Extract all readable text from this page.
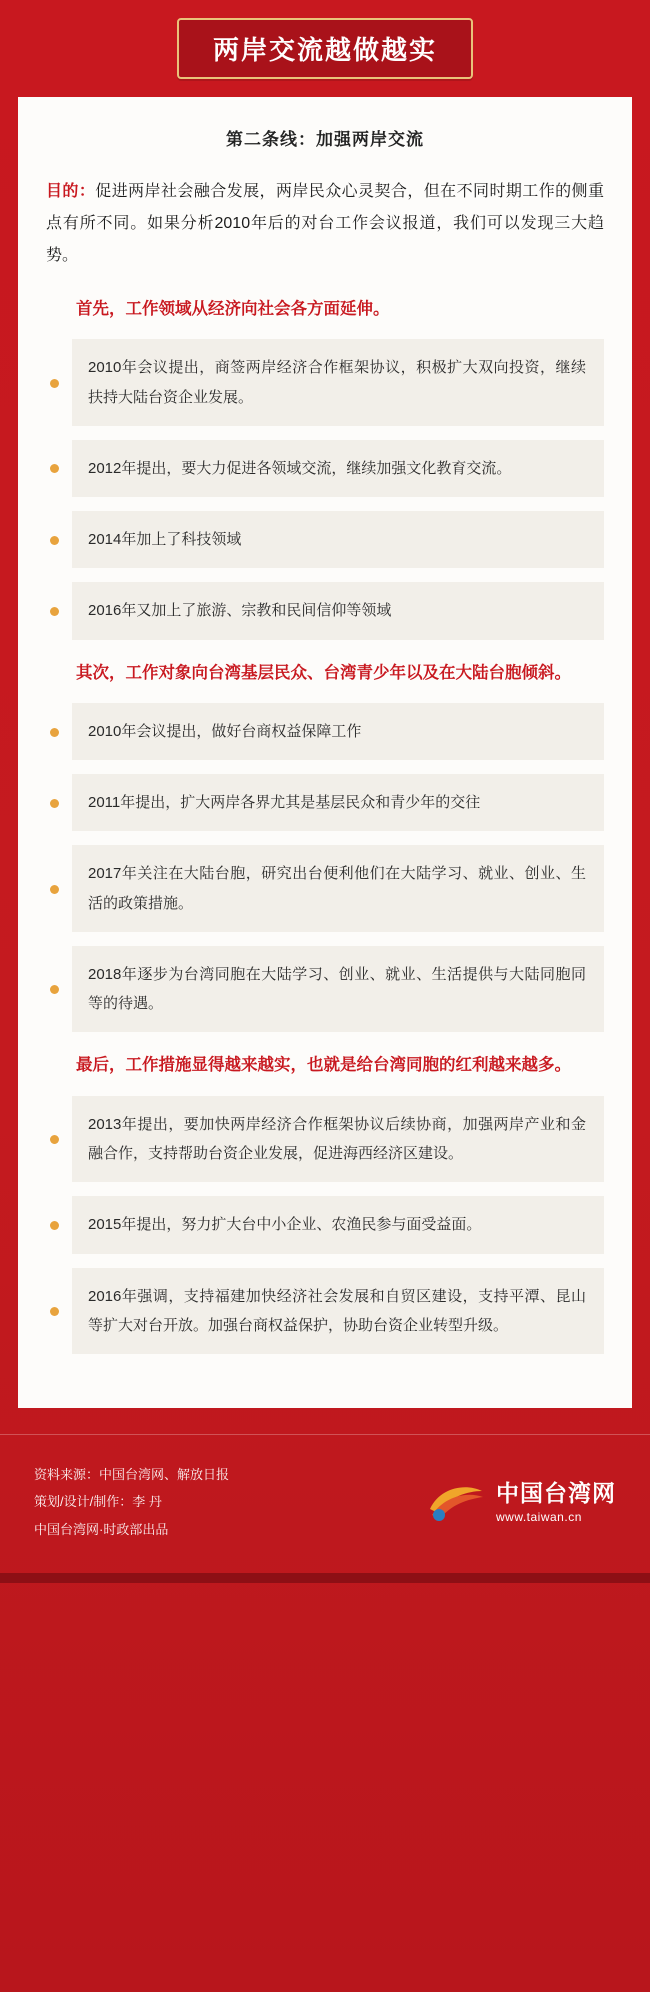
两岸交流越做越实
第二条线：加强两岸交流

目的：促进两岸社会融合发展，两岸民众心灵契合，但在不同时期工作的侧重点有所不同。如果分析2010年后的对台工作会议报道，我们可以发现三大趋势。

首先，工作领域从经济向社会各方面延伸。
2010年会议提出，商签两岸经济合作框架协议，积极扩大双向投资，继续扶持大陆台资企业发展。
2012年提出，要大力促进各领域交流，继续加强文化教育交流。
2014年加上了科技领域
2016年又加上了旅游、宗教和民间信仰等领域
其次，工作对象向台湾基层民众、台湾青少年以及在大陆台胞倾斜。
2010年会议提出，做好台商权益保障工作
2011年提出，扩大两岸各界尤其是基层民众和青少年的交往
2017年关注在大陆台胞，研究出台便利他们在大陆学习、就业、创业、生活的政策措施。
2018年逐步为台湾同胞在大陆学习、创业、就业、生活提供与大陆同胞同等的待遇。
最后，工作措施显得越来越实，也就是给台湾同胞的红利越来越多。
2013年提出，要加快两岸经济合作框架协议后续协商，加强两岸产业和金融合作，支持帮助台资企业发展，促进海西经济区建设。
2015年提出，努力扩大台中小企业、农渔民参与面受益面。
2016年强调，支持福建加快经济社会发展和自贸区建设，支持平潭、昆山等扩大对台开放。加强台商权益保护，协助台资企业转型升级。
资料来源：中国台湾网、解放日报
策划/设计/制作：李 丹
中国台湾网·时政部出品
中国台湾网
www.taiwan.cn
